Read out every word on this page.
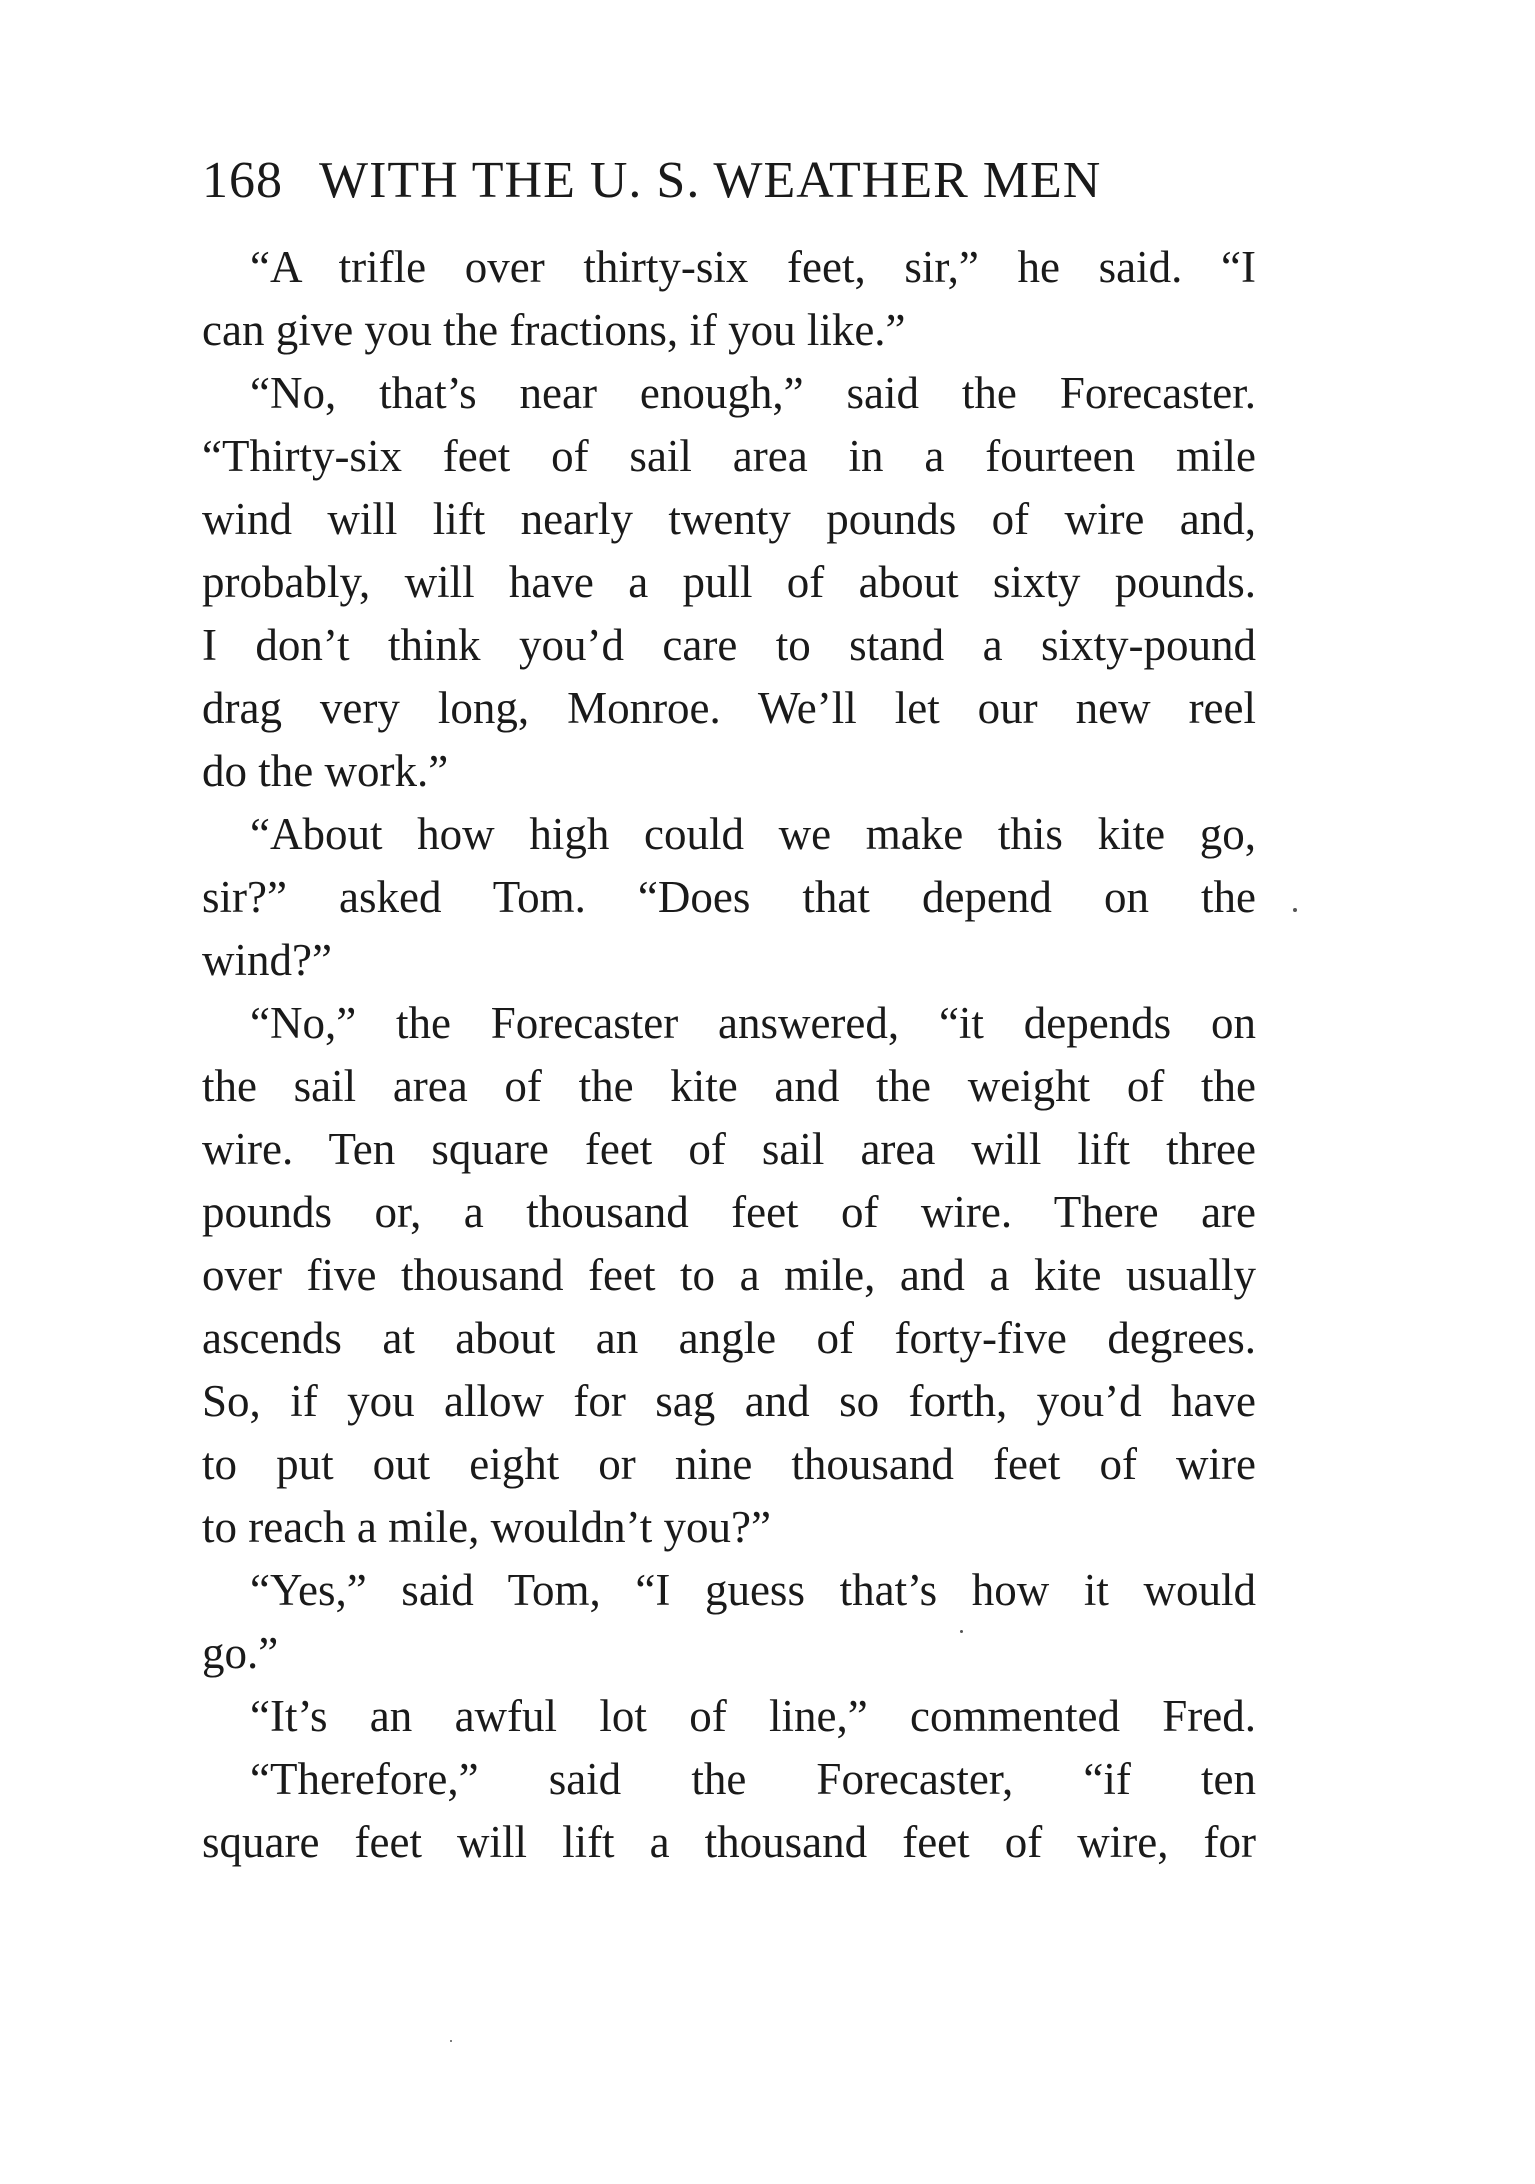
168 WITH THE U. S. WEATHER MEN
“A trifle over thirty-six feet, sir,” he said. “I
can give you the fractions, if you like.”
“No, that’s near enough,” said the Forecaster.
“Thirty-six feet of sail area in a fourteen mile
wind will lift nearly twenty pounds of wire and,
probably, will have a pull of about sixty pounds.
I don’t think you’d care to stand a sixty-pound
drag very long, Monroe. We’ll let our new reel
do the work.”
“About how high could we make this kite go,
sir?” asked Tom. “Does that depend on the
wind?”
“No,” the Forecaster answered, “it depends on
the sail area of the kite and the weight of the
wire. Ten square feet of sail area will lift three
pounds or, a thousand feet of wire. There are
over five thousand feet to a mile, and a kite usually
ascends at about an angle of forty-five degrees.
So, if you allow for sag and so forth, you’d have
to put out eight or nine thousand feet of wire
to reach a mile, wouldn’t you?”
“Yes,” said Tom, “I guess that’s how it would
go.”
“It’s an awful lot of line,” commented Fred.
“Therefore,” said the Forecaster, “if ten
square feet will lift a thousand feet of wire, for
